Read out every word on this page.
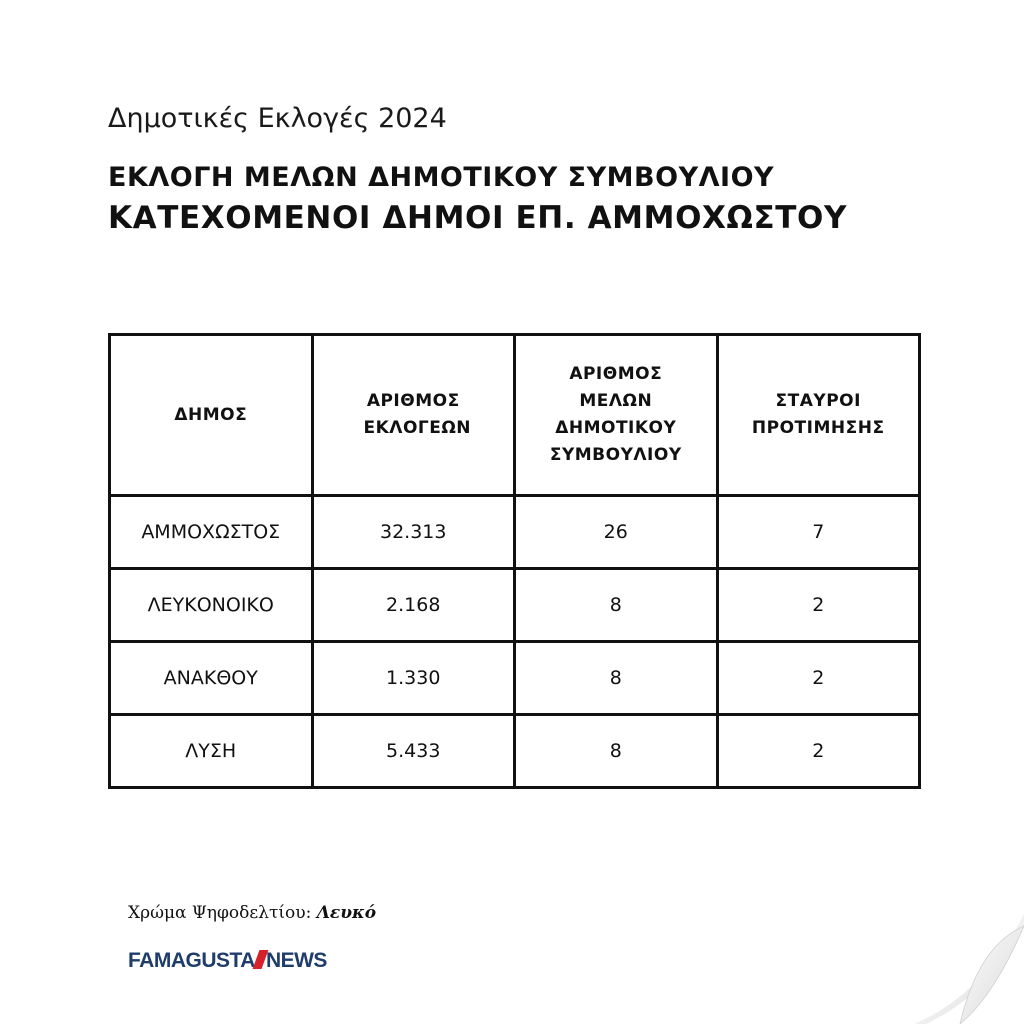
Δημοτικές Εκλογές 2024
ΕΚΛΟΓΗ ΜΕΛΩΝ ΔΗΜΟΤΙΚΟΥ ΣΥΜΒΟΥΛΙΟΥ
ΚΑΤΕΧΟΜΕΝΟΙ ΔΗΜΟΙ ΕΠ. ΑΜΜΟΧΩΣΤΟΥ
ΔΗΜΟΣ	ΑΡΙΘΜΟΣ ΕΚΛΟΓΕΩΝ	ΑΡΙΘΜΟΣ ΜΕΛΩΝ ΔΗΜΟΤΙΚΟΥ ΣΥΜΒΟΥΛΙΟΥ	ΣΤΑΥΡΟΙ ΠΡΟΤΙΜΗΣΗΣ
ΑΜΜΟΧΩΣΤΟΣ	32.313	26	7
ΛΕΥΚΟΝΟΙΚΟ	2.168	8	2
ΑΝΑΚΘΟΥ	1.330	8	2
ΛΥΣΗ	5.433	8	2
Χρώμα Ψηφοδελτίου: Λευκό
FAMAGUSTA NEWS
